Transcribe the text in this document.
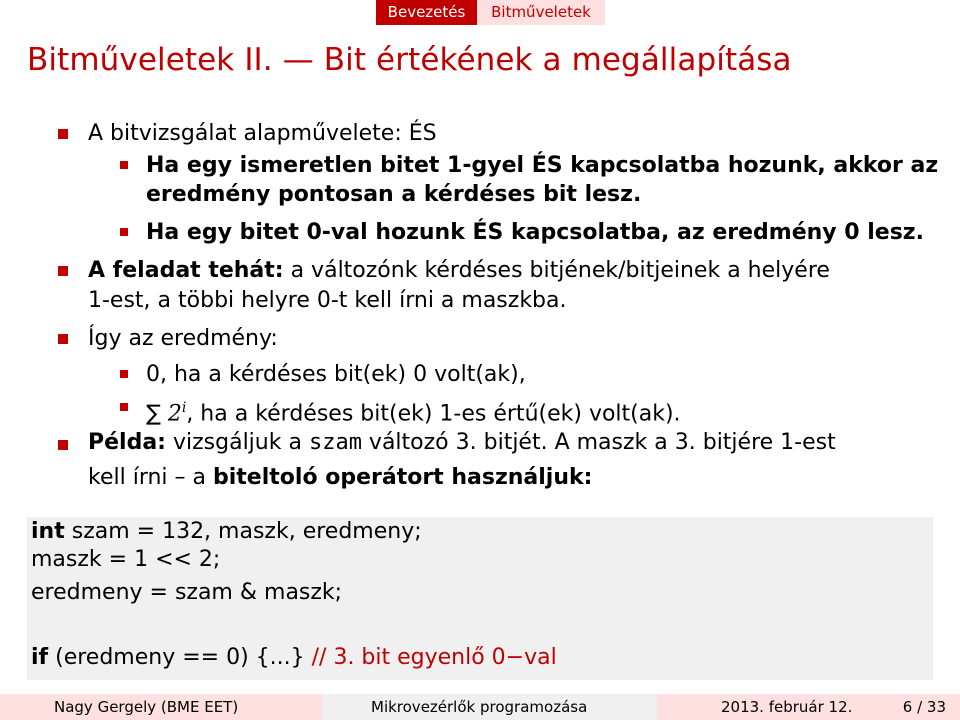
Bevezetés	Bitműveletek
Bitműveletek II. — Bit értékének a megállapítása
A bitvizsgálat alapművelete: ÉS
Ha egy ismeretlen bitet 1-gyel ÉS kapcsolatba hozunk, akkor az
eredmény pontosan a kérdéses bit lesz.
Ha egy bitet 0-val hozunk ÉS kapcsolatba, az eredmény 0 lesz.
A feladat tehát: a változónk kérdéses bitjének/bitjeinek a helyére
1-est, a többi helyre 0-t kell írni a maszkba.
Így az eredmény:
0, ha a kérdéses bit(ek) 0 volt(ak),
∑ 2$^i$, ha a kérdéses bit(ek) 1-es értű(ek) volt(ak).
Példa: vizsgáljuk a szam változó 3. bitjét. A maszk a 3. bitjére 1-est
kell írni – a biteltoló operátort használjuk:
int szam = 132, maszk, eredmeny;
maszk = 1 << 2;
eredmeny = szam & maszk;
if (eredmeny == 0) {...} // 3. bit egyenlő 0−val
Nagy Gergely (BME EET)	Mikrovezérlők programozása	2013. február 12.	6 / 33
